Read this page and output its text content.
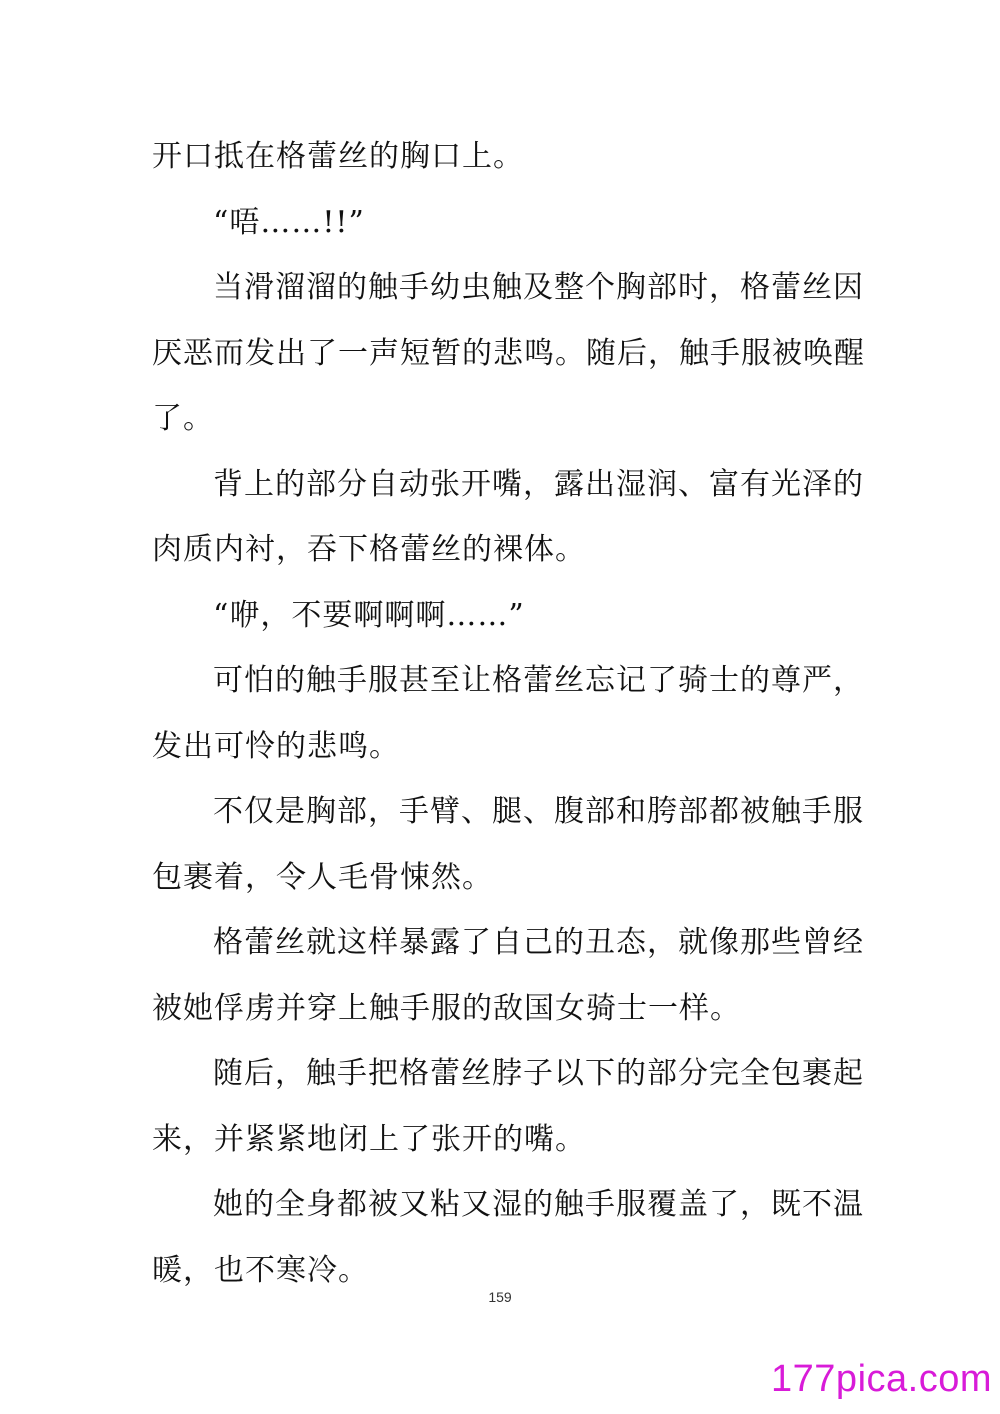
开口抵在格蕾丝的胸口上。
“唔……!!”
当滑溜溜的触手幼虫触及整个胸部时，格蕾丝因
厌恶而发出了一声短暂的悲鸣。随后，触手服被唤醒
了。
背上的部分自动张开嘴，露出湿润、富有光泽的
肉质内衬，吞下格蕾丝的裸体。
“咿，不要啊啊啊……”
可怕的触手服甚至让格蕾丝忘记了骑士的尊严，
发出可怜的悲鸣。
不仅是胸部，手臂、腿、腹部和胯部都被触手服
包裹着，令人毛骨悚然。
格蕾丝就这样暴露了自己的丑态，就像那些曾经
被她俘虏并穿上触手服的敌国女骑士一样。
随后，触手把格蕾丝脖子以下的部分完全包裹起
来，并紧紧地闭上了张开的嘴。
她的全身都被又粘又湿的触手服覆盖了，既不温
暖，也不寒冷。
159
177pica.com
